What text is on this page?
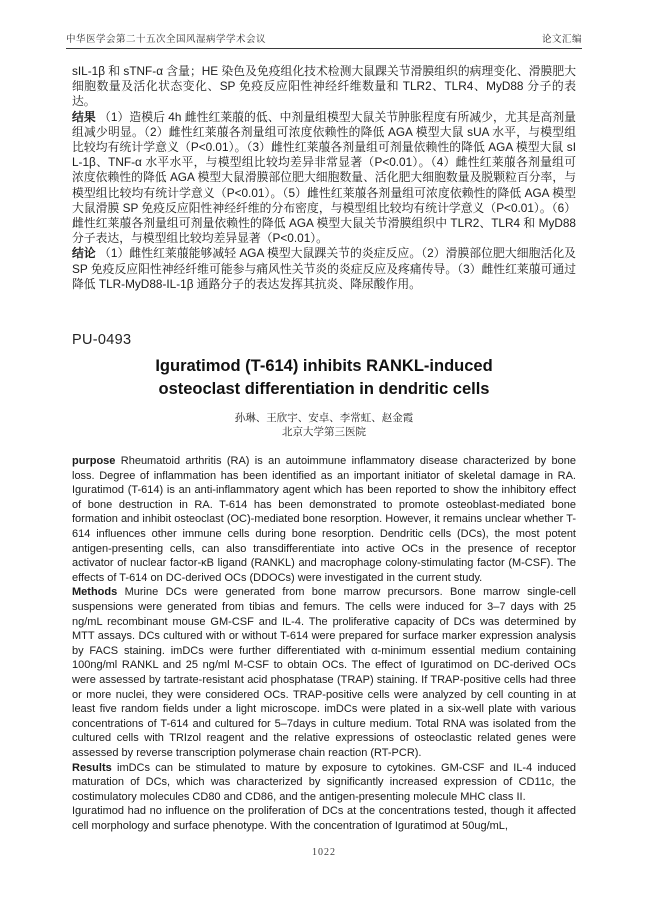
中华医学会第二十五次全国风湿病学学术会议	论文汇编

sIL-1β 和 sTNF-α 含量；HE 染色及免疫组化技术检测大鼠踝关节滑膜组织的病理变化、滑膜肥大细胞数量及活化状态变化、SP 免疫反应阳性神经纤维数量和 TLR2、TLR4、MyD88 分子的表达。

结果 （1）造模后 4h 雌性红莱菔的低、中剂量组模型大鼠关节肿胀程度有所减少，尤其是高剂量组减少明显。（2）雌性红莱菔各剂量组可浓度依赖性的降低 AGA 模型大鼠 sUA 水平，与模型组比较均有统计学意义（P<0.01）。（3）雌性红莱菔各剂量组可剂量依赖性的降低 AGA 模型大鼠 sIL-1β、TNF-α 水平水平，与模型组比较均差异非常显著（P<0.01）。（4）雌性红莱菔各剂量组可浓度依赖性的降低 AGA 模型大鼠滑膜部位肥大细胞数量、活化肥大细胞数量及脱颗粒百分率，与模型组比较均有统计学意义（P<0.01）。（5）雌性红莱菔各剂量组可浓度依赖性的降低 AGA 模型大鼠滑膜 SP 免疫反应阳性神经纤维的分布密度，与模型组比较均有统计学意义（P<0.01）。（6）雌性红莱菔各剂量组可剂量依赖性的降低 AGA 模型大鼠关节滑膜组织中 TLR2、TLR4 和 MyD88 分子表达，与模型组比较均差异显著（P<0.01）。

结论 （1）雌性红莱菔能够减轻 AGA 模型大鼠踝关节的炎症反应。（2）滑膜部位肥大细胞活化及 SP 免疫反应阳性神经纤维可能参与痛风性关节炎的炎症反应及疼痛传导。（3）雌性红莱菔可通过降低 TLR-MyD88-IL-1β 通路分子的表达发挥其抗炎、降尿酸作用。

PU-0493
Iguratimod (T-614) inhibits RANKL-induced
osteoclast differentiation in dendritic cells
孙琳、王欣宇、安卓、李常虹、赵金霞
北京大学第三医院

purpose Rheumatoid arthritis (RA) is an autoimmune inflammatory disease characterized by bone loss. Degree of inflammation has been identified as an important initiator of skeletal damage in RA. Iguratimod (T-614) is an anti-inflammatory agent which has been reported to show the inhibitory effect of bone destruction in RA. T-614 has been demonstrated to promote osteoblast-mediated bone formation and inhibit osteoclast (OC)-mediated bone resorption. However, it remains unclear whether T-614 influences other immune cells during bone resorption. Dendritic cells (DCs), the most potent antigen-presenting cells, can also transdifferentiate into active OCs in the presence of receptor activator of nuclear factor-κB ligand (RANKL) and macrophage colony-stimulating factor (M-CSF). The effects of T-614 on DC-derived OCs (DDOCs) were investigated in the current study.

Methods Murine DCs were generated from bone marrow precursors. Bone marrow single-cell suspensions were generated from tibias and femurs. The cells were induced for 3–7 days with 25 ng/mL recombinant mouse GM-CSF and IL-4. The proliferative capacity of DCs was determined by MTT assays. DCs cultured with or without T-614 were prepared for surface marker expression analysis by FACS staining. imDCs were further differentiated with α-minimum essential medium containing 100ng/ml RANKL and 25 ng/ml M-CSF to obtain OCs. The effect of Iguratimod on DC-derived OCs were assessed by tartrate-resistant acid phosphatase (TRAP) staining. If TRAP-positive cells had three or more nuclei, they were considered OCs. TRAP-positive cells were analyzed by cell counting in at least five random fields under a light microscope. imDCs were plated in a six-well plate with various concentrations of T-614 and cultured for 5–7days in culture medium. Total RNA was isolated from the cultured cells with TRIzol reagent and the relative expressions of osteoclastic related genes were assessed by reverse transcription polymerase chain reaction (RT-PCR).

Results imDCs can be stimulated to mature by exposure to cytokines. GM-CSF and IL-4 induced maturation of DCs, which was characterized by significantly increased expression of CD11c, the costimulatory molecules CD80 and CD86, and the antigen-presenting molecule MHC class II.

Iguratimod had no influence on the proliferation of DCs at the concentrations tested, though it affected cell morphology and surface phenotype. With the concentration of Iguratimod at 50ug/mL,

1022
